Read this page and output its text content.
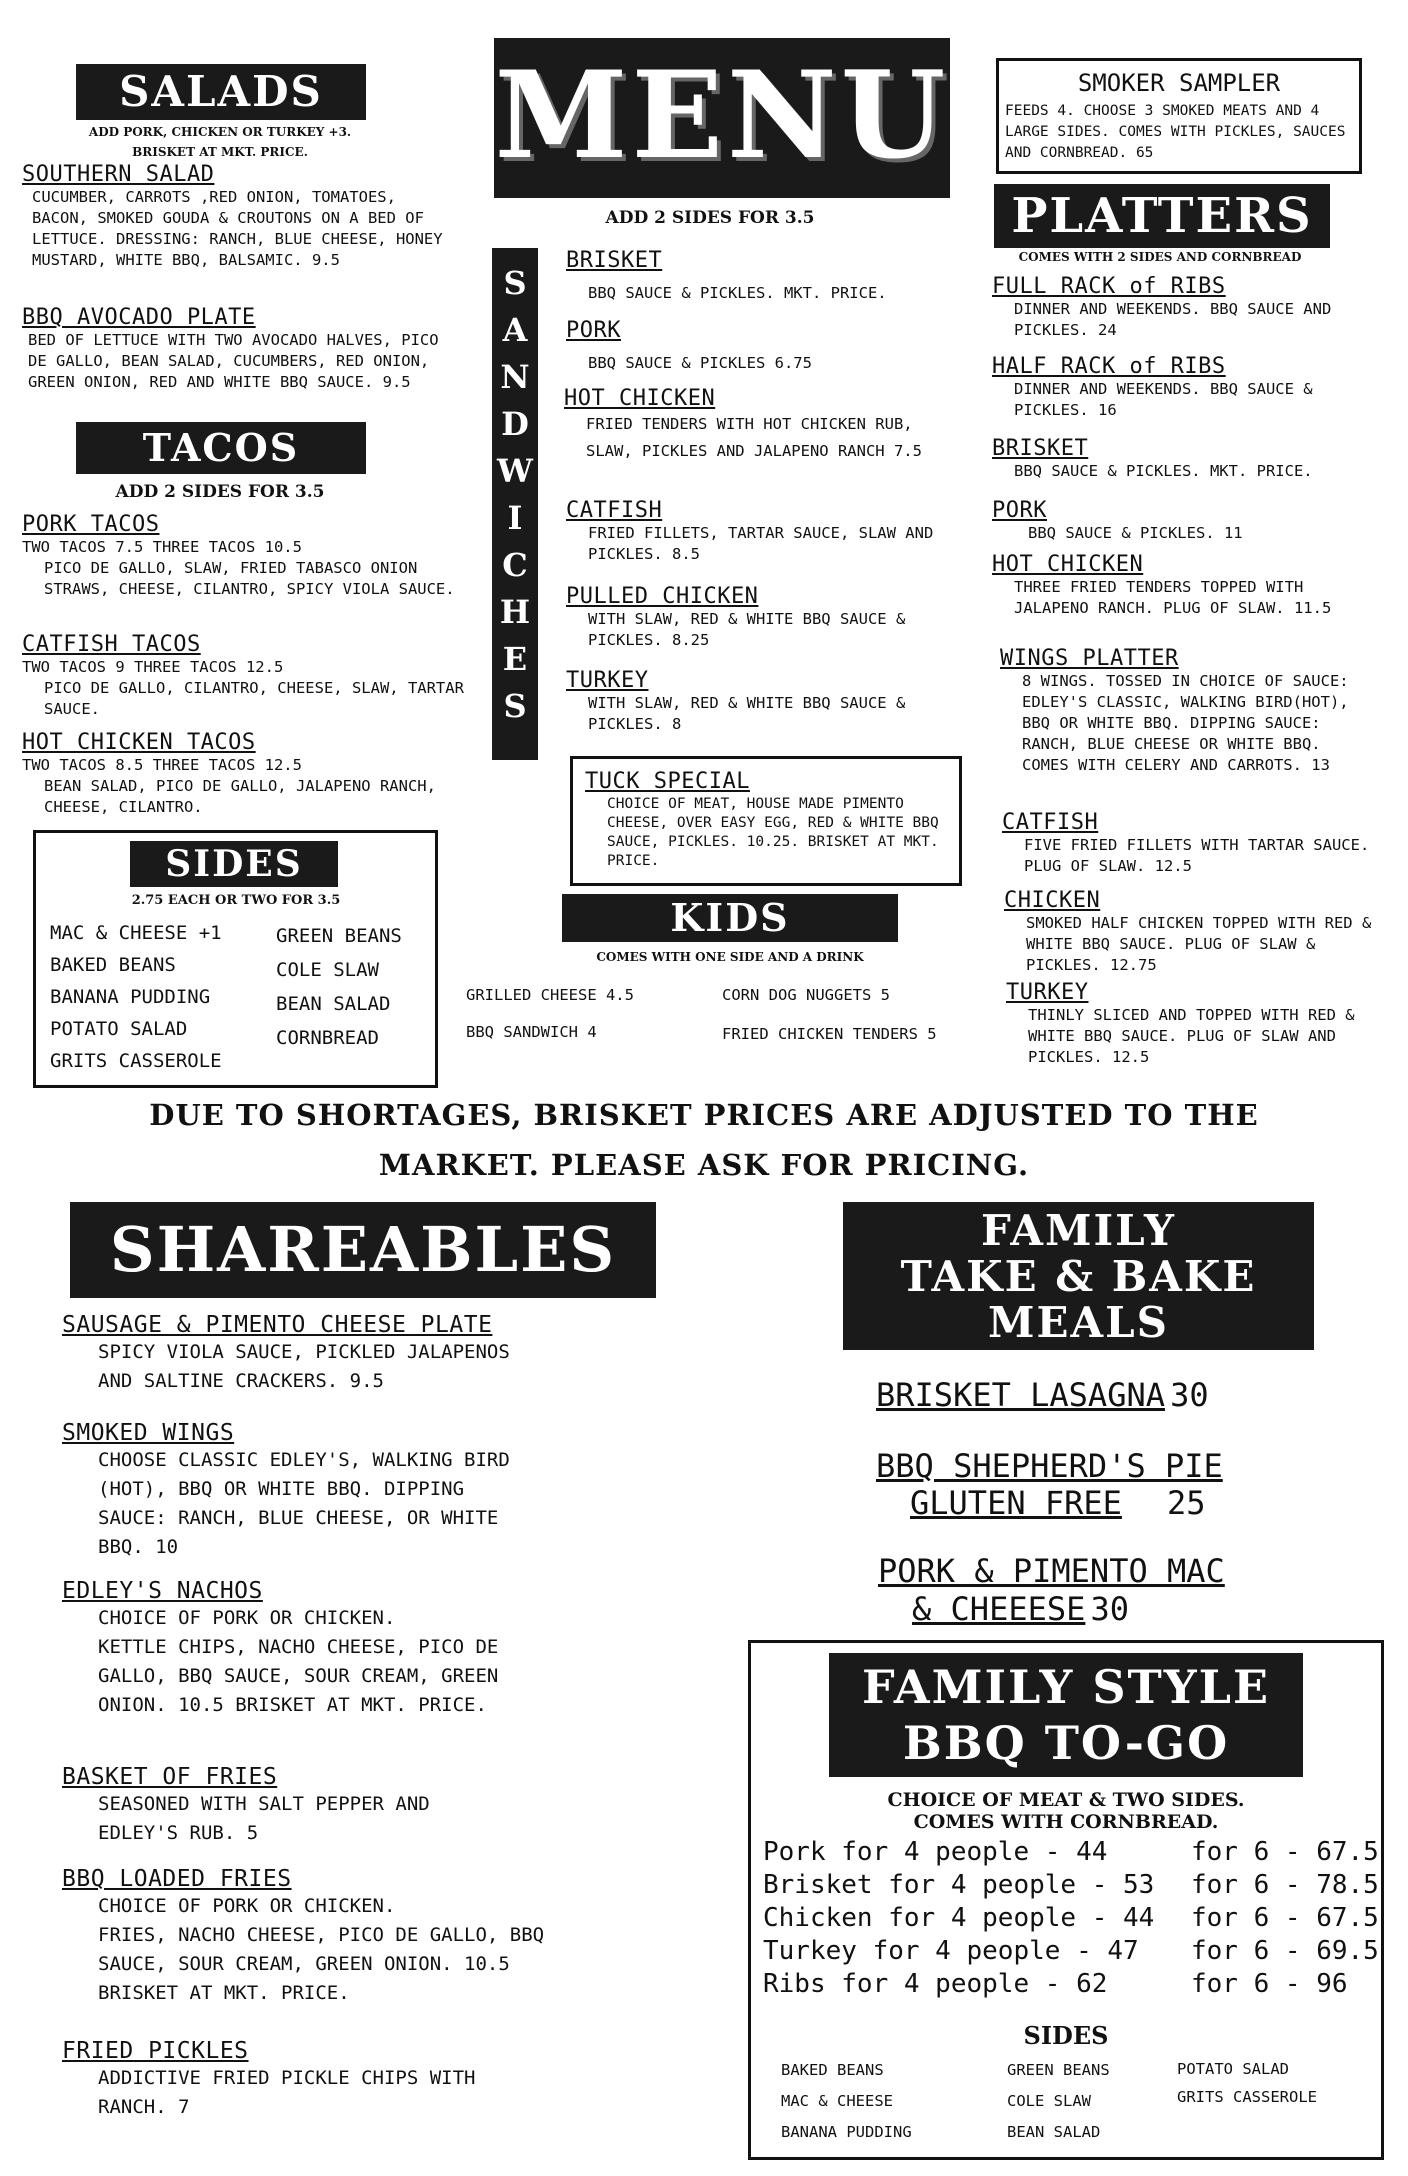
SALADS
ADD PORK, CHICKEN OR TURKEY +3.
BRISKET AT MKT. PRICE.
SOUTHERN SALAD
CUCUMBER, CARROTS ,RED ONION, TOMATOES, BACON, SMOKED GOUDA & CROUTONS ON A BED OF LETTUCE. DRESSING: RANCH, BLUE CHEESE, HONEY MUSTARD, WHITE BBQ, BALSAMIC. 9.5
BBQ AVOCADO PLATE
BED OF LETTUCE WITH TWO AVOCADO HALVES, PICO DE GALLO, BEAN SALAD, CUCUMBERS, RED ONION, GREEN ONION, RED AND WHITE BBQ SAUCE. 9.5
TACOS
ADD 2 SIDES FOR 3.5
PORK TACOS
TWO TACOS 7.5 THREE TACOS 10.5
PICO DE GALLO, SLAW, FRIED TABASCO ONION STRAWS, CHEESE, CILANTRO, SPICY VIOLA SAUCE.
CATFISH TACOS
TWO TACOS 9 THREE TACOS 12.5
PICO DE GALLO, CILANTRO, CHEESE, SLAW, TARTAR SAUCE.
HOT CHICKEN TACOS
TWO TACOS 8.5 THREE TACOS 12.5
BEAN SALAD, PICO DE GALLO, JALAPENO RANCH, CHEESE, CILANTRO.
SIDES
2.75 EACH OR TWO FOR 3.5
MAC & CHEESE +1
BAKED BEANS
BANANA PUDDING
POTATO SALAD
GRITS CASSEROLE
GREEN BEANS
COLE SLAW
BEAN SALAD
CORNBREAD
MENU
ADD 2 SIDES FOR 3.5
S
A
N
D
W
I
C
H
E
S
BRISKET
BBQ SAUCE & PICKLES. MKT. PRICE.
PORK
BBQ SAUCE & PICKLES 6.75
HOT CHICKEN
FRIED TENDERS WITH HOT CHICKEN RUB, SLAW, PICKLES AND JALAPENO RANCH 7.5
CATFISH
FRIED FILLETS, TARTAR SAUCE, SLAW AND PICKLES. 8.5
PULLED CHICKEN
WITH SLAW, RED & WHITE BBQ SAUCE & PICKLES. 8.25
TURKEY
WITH SLAW, RED & WHITE BBQ SAUCE & PICKLES. 8
TUCK SPECIAL
CHOICE OF MEAT, HOUSE MADE PIMENTO CHEESE, OVER EASY EGG, RED & WHITE BBQ SAUCE, PICKLES. 10.25. BRISKET AT MKT. PRICE.
KIDS
COMES WITH ONE SIDE AND A DRINK
GRILLED CHEESE 4.5	CORN DOG NUGGETS 5
BBQ SANDWICH 4	FRIED CHICKEN TENDERS 5
SMOKER SAMPLER
FEEDS 4. CHOOSE 3 SMOKED MEATS AND 4 LARGE SIDES. COMES WITH PICKLES, SAUCES AND CORNBREAD. 65
PLATTERS
COMES WITH 2 SIDES AND CORNBREAD
FULL RACK of RIBS
DINNER AND WEEKENDS. BBQ SAUCE AND PICKLES. 24
HALF RACK of RIBS
DINNER AND WEEKENDS. BBQ SAUCE & PICKLES. 16
BRISKET
BBQ SAUCE & PICKLES. MKT. PRICE.
PORK
BBQ SAUCE & PICKLES. 11
HOT CHICKEN
THREE FRIED TENDERS TOPPED WITH JALAPENO RANCH. PLUG OF SLAW. 11.5
WINGS PLATTER
8 WINGS. TOSSED IN CHOICE OF SAUCE: EDLEY'S CLASSIC, WALKING BIRD(HOT), BBQ OR WHITE BBQ. DIPPING SAUCE: RANCH, BLUE CHEESE OR WHITE BBQ. COMES WITH CELERY AND CARROTS. 13
CATFISH
FIVE FRIED FILLETS WITH TARTAR SAUCE. PLUG OF SLAW. 12.5
CHICKEN
SMOKED HALF CHICKEN TOPPED WITH RED & WHITE BBQ SAUCE. PLUG OF SLAW & PICKLES. 12.75
TURKEY
THINLY SLICED AND TOPPED WITH RED & WHITE BBQ SAUCE. PLUG OF SLAW AND PICKLES. 12.5
DUE TO SHORTAGES, BRISKET PRICES ARE ADJUSTED TO THE
MARKET. PLEASE ASK FOR PRICING.
SHAREABLES
SAUSAGE & PIMENTO CHEESE PLATE
SPICY VIOLA SAUCE, PICKLED JALAPENOS
AND SALTINE CRACKERS. 9.5
SMOKED WINGS
CHOOSE CLASSIC EDLEY'S, WALKING BIRD
(HOT), BBQ OR WHITE BBQ. DIPPING
SAUCE: RANCH, BLUE CHEESE, OR WHITE
BBQ. 10
EDLEY'S NACHOS
CHOICE OF PORK OR CHICKEN.
KETTLE CHIPS, NACHO CHEESE, PICO DE
GALLO, BBQ SAUCE, SOUR CREAM, GREEN
ONION. 10.5 BRISKET AT MKT. PRICE.
BASKET OF FRIES
SEASONED WITH SALT PEPPER AND
EDLEY'S RUB. 5
BBQ LOADED FRIES
CHOICE OF PORK OR CHICKEN.
FRIES, NACHO CHEESE, PICO DE GALLO, BBQ
SAUCE, SOUR CREAM, GREEN ONION. 10.5
BRISKET AT MKT. PRICE.
FRIED PICKLES
ADDICTIVE FRIED PICKLE CHIPS WITH
RANCH. 7
FAMILY
TAKE & BAKE
MEALS
BRISKET LASAGNA 30
BBQ SHEPHERD'S PIE
GLUTEN FREE 25
PORK & PIMENTO MAC
& CHEEESE 30
FAMILY STYLE
BBQ TO-GO
CHOICE OF MEAT & TWO SIDES.
COMES WITH CORNBREAD.
Pork for 4 people - 44	for 6 - 67.5
Brisket for 4 people - 53 for 6 - 78.5
Chicken for 4 people - 44 for 6 - 67.5
Turkey for 4 people - 47 for 6 - 69.5
Ribs for 4 people - 62	for 6 - 96
SIDES
BAKED BEANS
MAC & CHEESE
BANANA PUDDING
GREEN BEANS
COLE SLAW
BEAN SALAD
POTATO SALAD
GRITS CASSEROLE
